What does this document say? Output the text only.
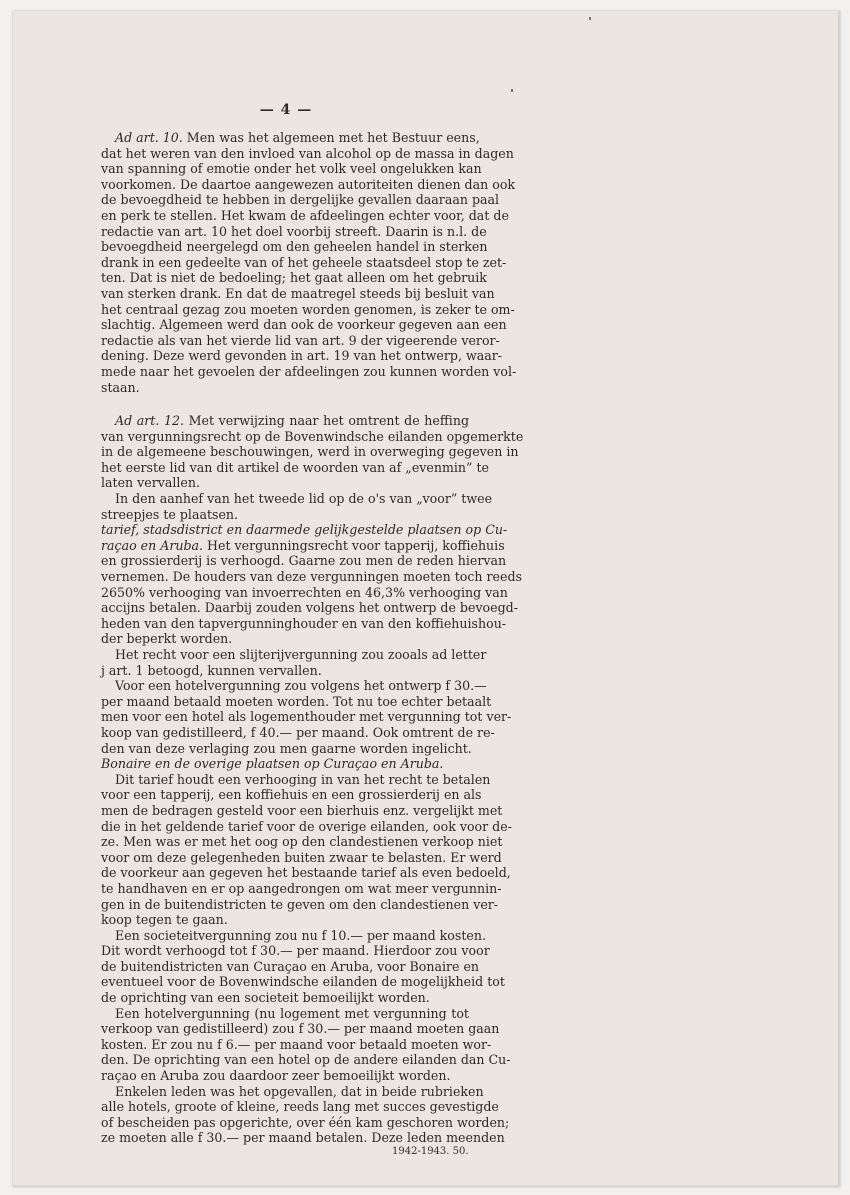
— 4 —
Ad art. 10. Men was het algemeen met het Bestuur eens,
dat het weren van den invloed van alcohol op de massa in dagen
van spanning of emotie onder het volk veel ongelukken kan
voorkomen. De daartoe aangewezen autoriteiten dienen dan ook
de bevoegdheid te hebben in dergelijke gevallen daaraan paal
en perk te stellen. Het kwam de afdeelingen echter voor, dat de
redactie van art. 10 het doel voorbij streeft. Daarin is n.l. de
bevoegdheid neergelegd om den geheelen handel in sterken
drank in een gedeelte van of het geheele staatsdeel stop te zet-
ten. Dat is niet de bedoeling; het gaat alleen om het gebruik
van sterken drank. En dat de maatregel steeds bij besluit van
het centraal gezag zou moeten worden genomen, is zeker te om-
slachtig. Algemeen werd dan ook de voorkeur gegeven aan een
redactie als van het vierde lid van art. 9 der vigeerende veror-
dening. Deze werd gevonden in art. 19 van het ontwerp, waar-
mede naar het gevoelen der afdeelingen zou kunnen worden vol-
staan.
Ad art. 12. Met verwijzing naar het omtrent de heffing
van vergunningsrecht op de Bovenwindsche eilanden opgemerkte
in de algemeene beschouwingen, werd in overweging gegeven in
het eerste lid van dit artikel de woorden van af „evenmin” te
laten vervallen.
In den aanhef van het tweede lid op de o's van „voor” twee
streepjes te plaatsen.
tarief, stadsdistrict en daarmede gelijkgestelde plaatsen op Cu-
raçao en Aruba. Het vergunningsrecht voor tapperij, koffiehuis
en grossierderij is verhoogd. Gaarne zou men de reden hiervan
vernemen. De houders van deze vergunningen moeten toch reeds
2650% verhooging van invoerrechten en 46,3% verhooging van
accijns betalen. Daarbij zouden volgens het ontwerp de bevoegd-
heden van den tapvergunninghouder en van den koffiehuishou-
der beperkt worden.
Het recht voor een slijterijvergunning zou zooals ad letter
j art. 1 betoogd, kunnen vervallen.
Voor een hotelvergunning zou volgens het ontwerp f 30.—
per maand betaald moeten worden. Tot nu toe echter betaalt
men voor een hotel als logementhouder met vergunning tot ver-
koop van gedistilleerd, f 40.— per maand. Ook omtrent de re-
den van deze verlaging zou men gaarne worden ingelicht.
Bonaire en de overige plaatsen op Curaçao en Aruba.
Dit tarief houdt een verhooging in van het recht te betalen
voor een tapperij, een koffiehuis en een grossierderij en als
men de bedragen gesteld voor een bierhuis enz. vergelijkt met
die in het geldende tarief voor de overige eilanden, ook voor de-
ze. Men was er met het oog op den clandestienen verkoop niet
voor om deze gelegenheden buiten zwaar te belasten. Er werd
de voorkeur aan gegeven het bestaande tarief als even bedoeld,
te handhaven en er op aangedrongen om wat meer vergunnin-
gen in de buitendistricten te geven om den clandestienen ver-
koop tegen te gaan.
Een societeitvergunning zou nu f 10.— per maand kosten.
Dit wordt verhoogd tot f 30.— per maand. Hierdoor zou voor
de buitendistricten van Curaçao en Aruba, voor Bonaire en
eventueel voor de Bovenwindsche eilanden de mogelijkheid tot
de oprichting van een societeit bemoeilijkt worden.
Een hotelvergunning (nu logement met vergunning tot
verkoop van gedistilleerd) zou f 30.— per maand moeten gaan
kosten. Er zou nu f 6.— per maand voor betaald moeten wor-
den. De oprichting van een hotel op de andere eilanden dan Cu-
raçao en Aruba zou daardoor zeer bemoeilijkt worden.
Enkelen leden was het opgevallen, dat in beide rubrieken
alle hotels, groote of kleine, reeds lang met succes gevestigde
of bescheiden pas opgerichte, over één kam geschoren worden;
ze moeten alle f 30.— per maand betalen. Deze leden meenden
1942-1943. 50.
